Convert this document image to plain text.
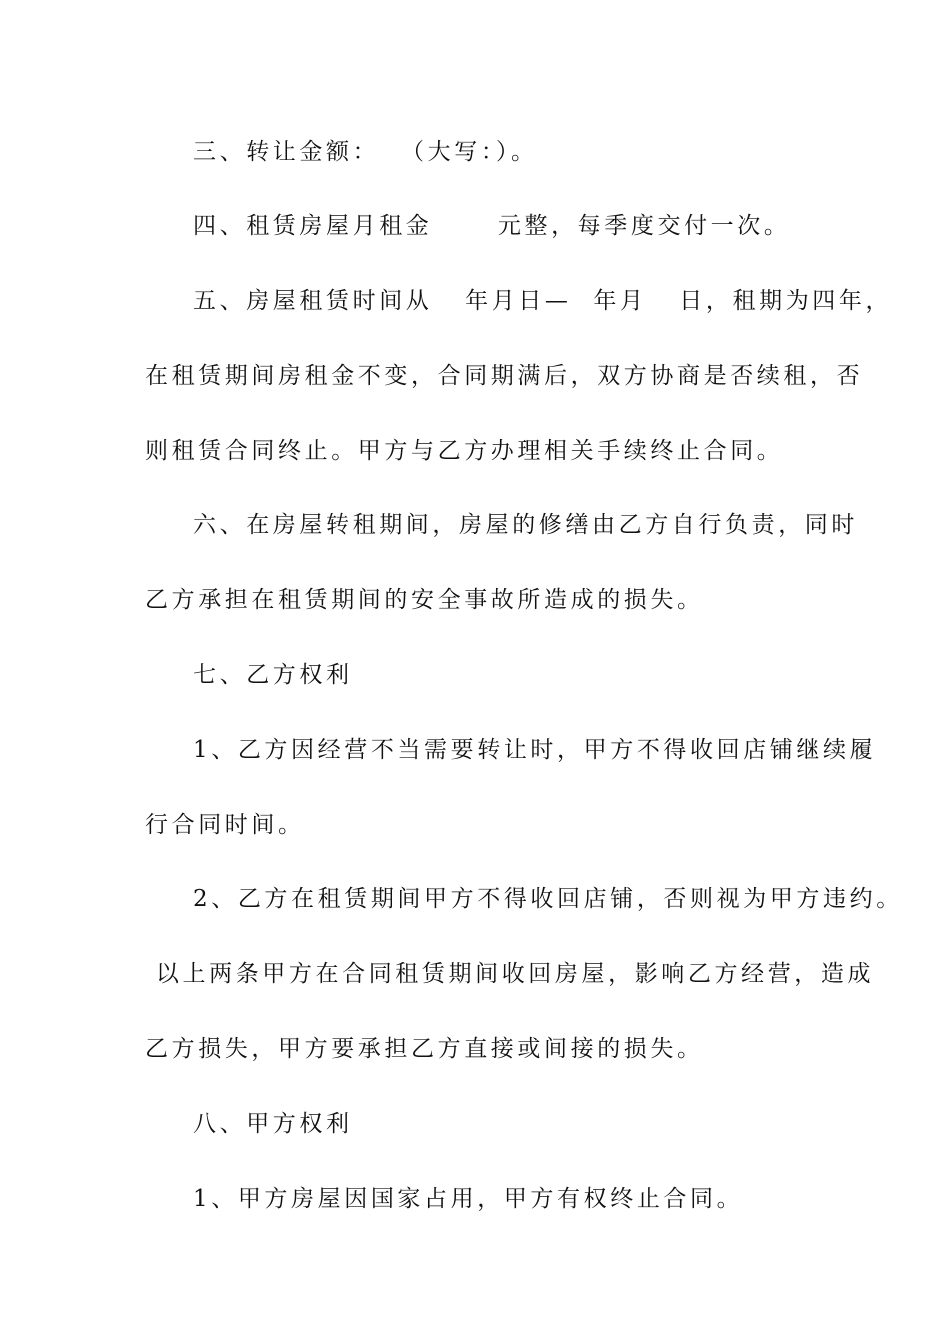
三、转让金额：  （大写：）。
四、租赁房屋月租金      元整，每季度交付一次。
五、房屋租赁时间从   年月日—  年月   日，租期为四年，
在租赁期间房租金不变，合同期满后，双方协商是否续租，否
则租赁合同终止。甲方与乙方办理相关手续终止合同。
六、在房屋转租期间，房屋的修缮由乙方自行负责，同时
乙方承担在租赁期间的安全事故所造成的损失。
七、乙方权利
1、乙方因经营不当需要转让时，甲方不得收回店铺继续履
行合同时间。
2、乙方在租赁期间甲方不得收回店铺，否则视为甲方违约。
以上两条甲方在合同租赁期间收回房屋，影响乙方经营，造成
乙方损失，甲方要承担乙方直接或间接的损失。
八、甲方权利
1、甲方房屋因国家占用，甲方有权终止合同。
